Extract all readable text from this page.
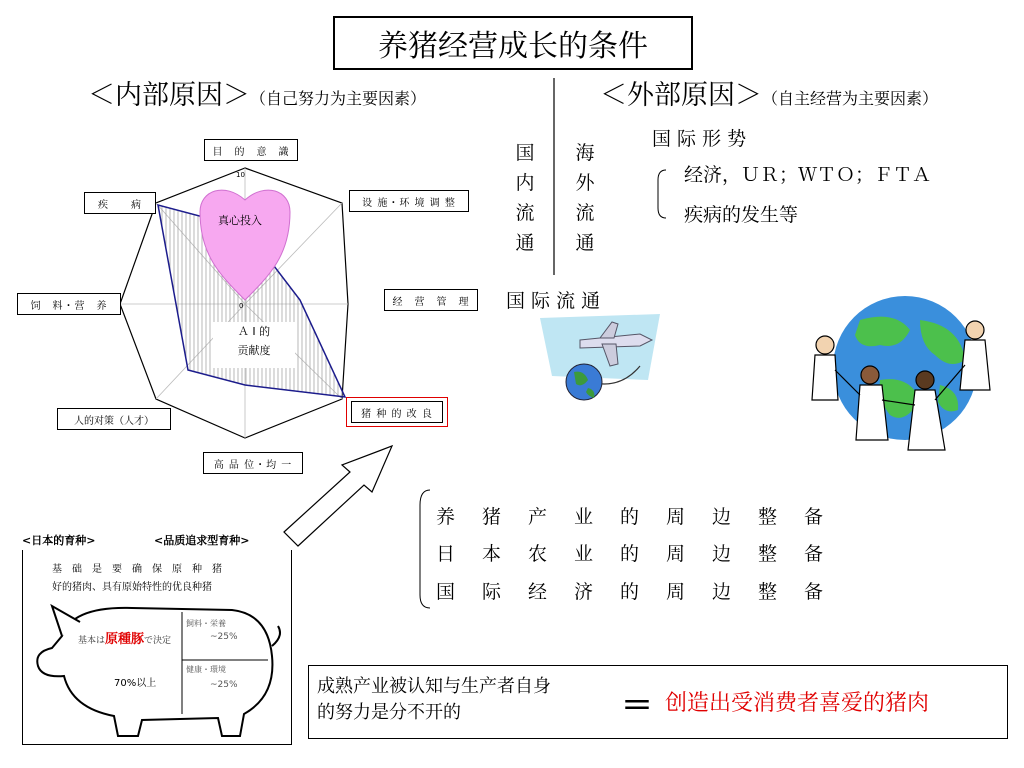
养猪经营成长的条件
＜内部原因＞（自己努力为主要因素）	＜外部原因＞（自主经营为主要因素）
10
0
真心投入
Ａ I 的
贡献度
目　的　意　識
设 施・环 境 调 整
经　营　管　理
猪 种 的 改 良
高 品 位・均 一
人的对策（人才）
饲　料・营　养
疾　　病
国
内
流
通
海
外
流
通
国 际 流 通
国 际 形 势
经济，ＵＲ；ＷＴＯ；ＦＴＡ
疾病的发生等
养 猪 产 业 的 周 边 整 备
日 本 农 业 的 周 边 整 备
国 际 经 济 的 周 边 整 备
<日本的育种>	<品质追求型育种>
基　础　是　要　确　保　原　种　猪
好的猪肉、具有原始特性的优良种猪
基本は原種豚で決定
70%以上
飼料・栄養
~25%
健康・環境
~25%	成熟产业被认知与生产者自身
的努力是分不开的	＝ 创造出受消费者喜爱的猪肉
